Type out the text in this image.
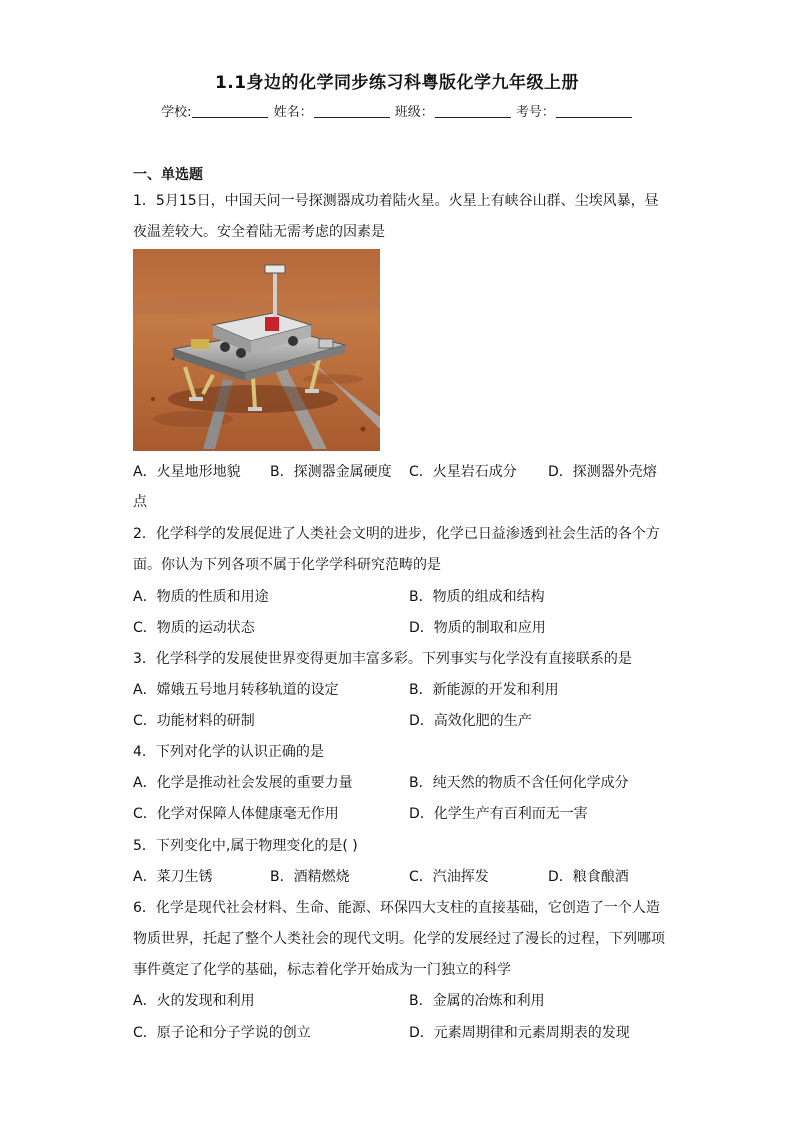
1.1身边的化学同步练习科粤版化学九年级上册
学校:	姓名：	班级：	考号：
一、单选题
1．5月15日，中国天问一号探测器成功着陆火星。火星上有峡谷山群、尘埃风暴，昼
夜温差较大。安全着陆无需考虑的因素是
A．火星地形地貌 B．探测器金属硬度 C．火星岩石成分 D．探测器外壳熔
点
2．化学科学的发展促进了人类社会文明的进步，化学已日益渗透到社会生活的各个方
面。你认为下列各项不属于化学学科研究范畴的是
A．物质的性质和用途	B．物质的组成和结构
C．物质的运动状态	D．物质的制取和应用
3．化学科学的发展使世界变得更加丰富多彩。下列事实与化学没有直接联系的是
A．嫦娥五号地月转移轨道的设定	B．新能源的开发和利用
C．功能材料的研制	D．高效化肥的生产
4．下列对化学的认识正确的是
A．化学是推动社会发展的重要力量	B．纯天然的物质不含任何化学成分
C．化学对保障人体健康毫无作用	D．化学生产有百利而无一害
5．下列变化中,属于物理变化的是( )
A．菜刀生锈	B．酒精燃烧	C．汽油挥发	D．粮食酿酒
6．化学是现代社会材料、生命、能源、环保四大支柱的直接基础，它创造了一个人造
物质世界，托起了整个人类社会的现代文明。化学的发展经过了漫长的过程，下列哪项
事件奠定了化学的基础，标志着化学开始成为一门独立的科学
A．火的发现和利用	B．金属的冶炼和利用
C．原子论和分子学说的创立	D．元素周期律和元素周期表的发现
